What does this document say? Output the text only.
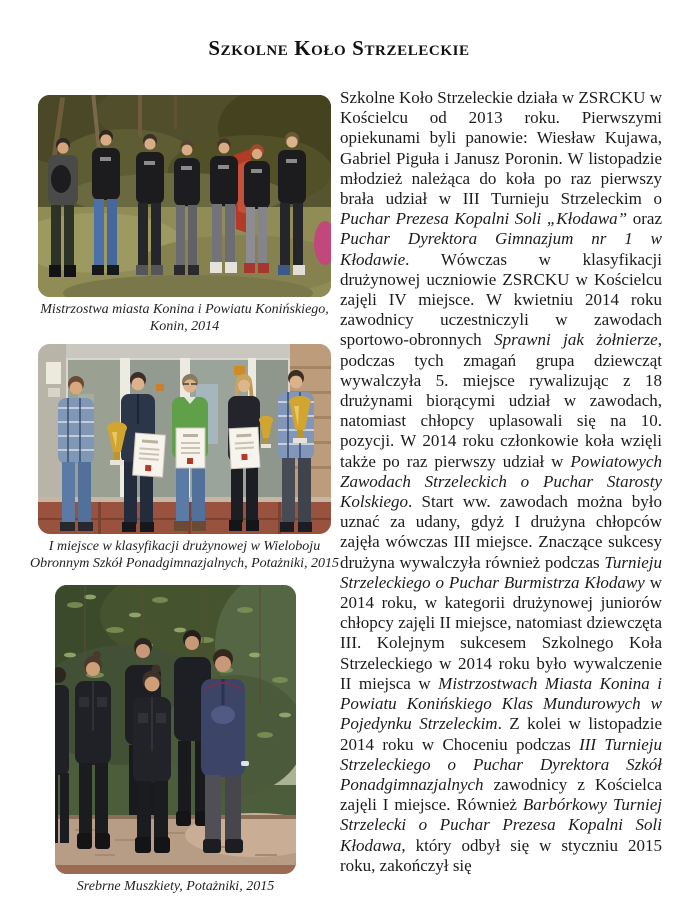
Szkolne Koło Strzeleckie
Mistrzostwa miasta Konina i Powiatu Konińskiego, Konin, 2014
I miejsce w klasyfikacji drużynowej w Wieloboju Obronnym Szkół Ponadgimnazjalnych, Potażniki, 2015
Srebrne Muszkiety, Potażniki, 2015
Szkolne Koło Strzeleckie działa w ZSRCKU w Kościelcu od 2013 roku. Pierwszymi opiekunami byli panowie: Wiesław Kujawa, Gabriel Piguła i Janusz Poronin. W listopadzie młodzież należąca do koła po raz pierwszy brała udział w III Turnieju Strzeleckim o Puchar Prezesa Kopalni Soli „Kłodawa” oraz Puchar Dyrektora Gimnazjum nr 1 w Kłodawie. Wówczas w klasyfikacji drużynowej uczniowie ZSRCKU w Kościelcu zajęli IV miejsce. W kwietniu 2014 roku zawodnicy uczestniczyli w zawodach sportowo-obronnych Sprawni jak żołnierze, podczas tych zmagań grupa dziewcząt wywalczyła 5. miejsce rywalizując z 18 drużynami biorącymi udział w zawodach, natomiast chłopcy uplasowali się na 10. pozycji. W 2014 roku członkowie koła wzięli także po raz pierwszy udział w Powiatowych Zawodach Strzeleckich o Puchar Starosty Kolskiego. Start ww. zawodach można było uznać za udany, gdyż I drużyna chłopców zajęła wówczas III miejsce. Znaczące sukcesy drużyna wywalczyła również podczas Turnieju Strzeleckiego o Puchar Burmistrza Kłodawy w 2014 roku, w kategorii drużynowej juniorów chłopcy zajęli II miejsce, natomiast dziewczęta III. Kolejnym sukcesem Szkolnego Koła Strzeleckiego w 2014 roku było wywalczenie II miejsca w Mistrzostwach Miasta Konina i Powiatu Konińskiego Klas Mundurowych w Pojedynku Strzeleckim. Z kolei w listopadzie 2014 roku w Choceniu podczas III Turnieju Strzeleckiego o Puchar Dyrektora Szkół Ponadgimnazjalnych zawodnicy z Kościelca zajęli I miejsce. Również Barbórkowy Turniej Strzelecki o Puchar Prezesa Kopalni Soli Kłodawa, który odbył się w styczniu 2015 roku, zakończył się
